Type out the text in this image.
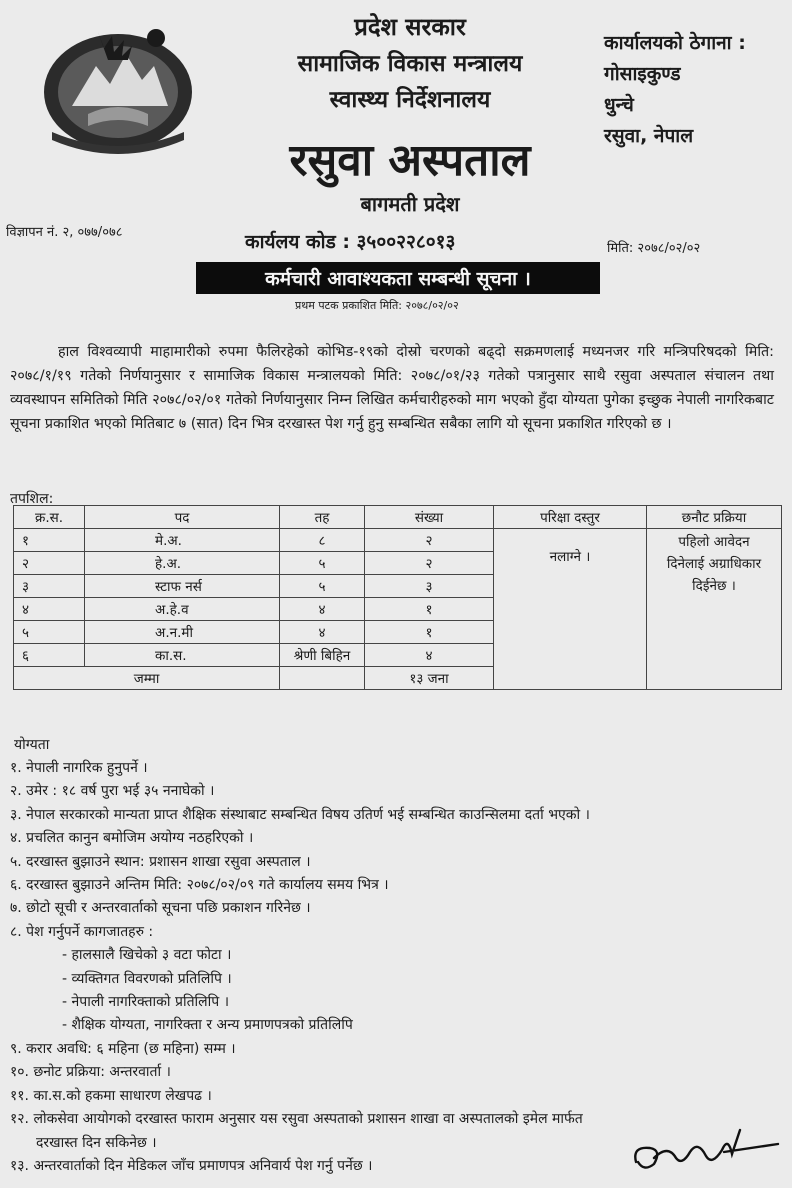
प्रदेश सरकार
सामाजिक विकास मन्त्रालय
स्वास्थ्य निर्देशनालय
रसुवा अस्पताल
बागमती प्रदेश
कार्यालयको ठेगाना :
गोसाइकुण्ड
धुन्चे
रसुवा, नेपाल
विज्ञापन नं. २, ०७७/०७८	कार्यलय कोड : ३५००२२८०१३	मिति: २०७८/०२/०२
कर्मचारी आवाश्यकता सम्बन्धी सूचना ।
प्रथम पटक प्रकाशित मिति: २०७८/०२/०२
हाल विश्वव्यापी माहामारीको रुपमा फैलिरहेको कोभिड-१९को दोस्रो चरणको बढ्दो सक्रमणलाई मध्यनजर गरि मन्त्रिपरिषदको मिति: २०७८/१/१९ गतेको निर्णयानुसार र सामाजिक विकास मन्त्रालयको मिति: २०७८/०१/२३ गतेको पत्रानुसार साथै रसुवा अस्पताल संचालन तथा व्यवस्थापन समितिको मिति २०७८/०२/०१ गतेको निर्णयानुसार निम्न लिखित कर्मचारीहरुको माग भएको हुँदा योग्यता पुगेका इच्छुक नेपाली नागरिकबाट सूचना प्रकाशित भएको मितिबाट ७ (सात) दिन भित्र दरखास्त पेश गर्नु हुनु सम्बन्धित सबैका लागि यो सूचना प्रकाशित गरिएको छ ।
तपशिल:
क्र.स.	पद	तह	संख्या	परिक्षा दस्तुर	छनौट प्रक्रिया
१	मे.अ.	८	२	नलाग्ने ।	पहिलो आवेदन
दिनेलाई अग्राधिकार
दिईनेछ ।

२	हे.अ.	५	२		
३	स्टाफ नर्स	५	३		
४	अ.हे.व	४	१		
५	अ.न.मी	४	१		
६	का.स.	श्रेणी बिहिन	४		
जम्मा			१३ जना		
योग्यता
१. नेपाली नागरिक हुनुपर्ने ।
२. उमेर : १८ वर्ष पुरा भई ३५ ननाघेको ।
३. नेपाल सरकारको मान्यता प्राप्त शैक्षिक संस्थाबाट सम्बन्धित विषय उतिर्ण भई सम्बन्धित काउन्सिलमा दर्ता भएको ।
४. प्रचलित कानुन बमोजिम अयोग्य नठहरिएको ।
५. दरखास्त बुझाउने स्थान: प्रशासन शाखा रसुवा अस्पताल ।
६. दरखास्त बुझाउने अन्तिम मिति: २०७८/०२/०९ गते कार्यालय समय भित्र ।
७. छोटो सूची र अन्तरवार्ताको सूचना पछि प्रकाशन गरिनेछ ।
८. पेश गर्नुपर्ने कागजातहरु :
- हालसालै खिचेको ३ वटा फोटा ।
- व्यक्तिगत विवरणको प्रतिलिपि ।
- नेपाली नागरिक्ताको प्रतिलिपि ।
- शैक्षिक योग्यता, नागरिक्ता र अन्य प्रमाणपत्रको प्रतिलिपि
९. करार अवधि: ६ महिना (छ महिना) सम्म ।
१०. छनोट प्रक्रिया: अन्तरवार्ता ।
११. का.स.को हकमा साधारण लेखपढ ।
१२. लोकसेवा आयोगको दरखास्त फाराम अनुसार यस रसुवा अस्पताको प्रशासन शाखा वा अस्पतालको इमेल मार्फत
दरखास्त दिन सकिनेछ ।
१३. अन्तरवार्ताको दिन मेडिकल जाँच प्रमाणपत्र अनिवार्य पेश गर्नु पर्नेछ ।
